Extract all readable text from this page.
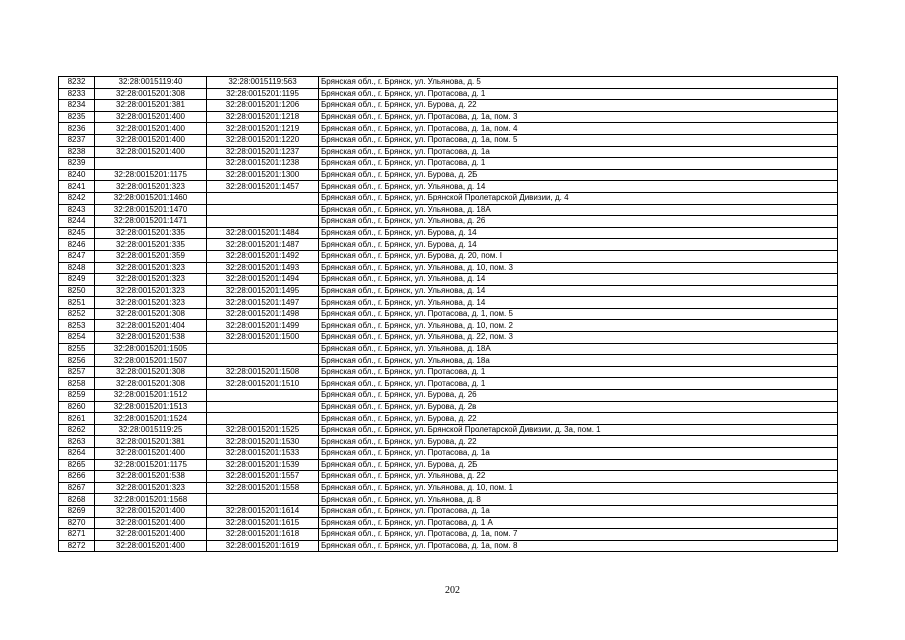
8232	32:28:0015119:40	32:28:0015119:563	Брянская обл., г. Брянск, ул. Ульянова, д. 5
8233	32:28:0015201:308	32:28:0015201:1195	Брянская обл., г. Брянск, ул. Протасова, д. 1
8234	32:28:0015201:381	32:28:0015201:1206	Брянская обл., г. Брянск, ул. Бурова, д. 22
8235	32:28:0015201:400	32:28:0015201:1218	Брянская обл., г. Брянск, ул. Протасова, д. 1а, пом. 3
8236	32:28:0015201:400	32:28:0015201:1219	Брянская обл., г. Брянск, ул. Протасова, д. 1а, пом. 4
8237	32:28:0015201:400	32:28:0015201:1220	Брянская обл., г. Брянск, ул. Протасова, д. 1а, пом. 5
8238	32:28:0015201:400	32:28:0015201:1237	Брянская обл., г. Брянск, ул. Протасова, д. 1а
8239		32:28:0015201:1238	Брянская обл., г. Брянск, ул. Протасова, д. 1
8240	32:28:0015201:1175	32:28:0015201:1300	Брянская обл., г. Брянск, ул. Бурова, д. 2Б
8241	32:28:0015201:323	32:28:0015201:1457	Брянская обл., г. Брянск, ул. Ульянова, д. 14
8242	32:28:0015201:1460		Брянская обл., г. Брянск, ул. Брянской Пролетарской Дивизии, д. 4
8243	32:28:0015201:1470		Брянская обл., г. Брянск, ул. Ульянова, д. 18А
8244	32:28:0015201:1471		Брянская обл., г. Брянск, ул. Ульянова, д. 26
8245	32:28:0015201:335	32:28:0015201:1484	Брянская обл., г. Брянск, ул. Бурова, д. 14
8246	32:28:0015201:335	32:28:0015201:1487	Брянская обл., г. Брянск, ул. Бурова, д. 14
8247	32:28:0015201:359	32:28:0015201:1492	Брянская обл., г. Брянск, ул. Бурова, д. 20, пом. I
8248	32:28:0015201:323	32:28:0015201:1493	Брянская обл., г. Брянск, ул. Ульянова, д. 10, пом. 3
8249	32:28:0015201:323	32:28:0015201:1494	Брянская обл., г. Брянск, ул. Ульянова, д. 14
8250	32:28:0015201:323	32:28:0015201:1495	Брянская обл., г. Брянск, ул. Ульянова, д. 14
8251	32:28:0015201:323	32:28:0015201:1497	Брянская обл., г. Брянск, ул. Ульянова, д. 14
8252	32:28:0015201:308	32:28:0015201:1498	Брянская обл., г. Брянск, ул. Протасова, д. 1, пом. 5
8253	32:28:0015201:404	32:28:0015201:1499	Брянская обл., г. Брянск, ул. Ульянова, д. 10, пом. 2
8254	32:28:0015201:538	32:28:0015201:1500	Брянская обл., г. Брянск, ул. Ульянова, д. 22, пом. 3
8255	32:28:0015201:1505		Брянская обл., г. Брянск, ул. Ульянова, д. 18А
8256	32:28:0015201:1507		Брянская обл., г. Брянск, ул. Ульянова, д. 18а
8257	32:28:0015201:308	32:28:0015201:1508	Брянская обл., г. Брянск, ул. Протасова, д. 1
8258	32:28:0015201:308	32:28:0015201:1510	Брянская обл., г. Брянск, ул. Протасова, д. 1
8259	32:28:0015201:1512		Брянская обл., г. Брянск, ул. Бурова, д. 26
8260	32:28:0015201:1513		Брянская обл., г. Брянск, ул. Бурова, д. 2в
8261	32:28:0015201:1524		Брянская обл., г. Брянск, ул. Бурова, д. 22
8262	32:28:0015119:25	32:28:0015201:1525	Брянская обл., г. Брянск, ул. Брянской Пролетарской Дивизии, д. 3а, пом. 1
8263	32:28:0015201:381	32:28:0015201:1530	Брянская обл., г. Брянск, ул. Бурова, д. 22
8264	32:28:0015201:400	32:28:0015201:1533	Брянская обл., г. Брянск, ул. Протасова, д. 1а
8265	32:28:0015201:1175	32:28:0015201:1539	Брянская обл., г. Брянск, ул. Бурова, д. 2Б
8266	32:28:0015201:538	32:28:0015201:1557	Брянская обл., г. Брянск, ул. Ульянова, д. 22
8267	32:28:0015201:323	32:28:0015201:1558	Брянская обл., г. Брянск, ул. Ульянова, д. 10, пом. 1
8268	32:28:0015201:1568		Брянская обл., г. Брянск, ул. Ульянова, д. 8
8269	32:28:0015201:400	32:28:0015201:1614	Брянская обл., г. Брянск, ул. Протасова, д. 1а
8270	32:28:0015201:400	32:28:0015201:1615	Брянская обл., г. Брянск, ул. Протасова, д. 1 А
8271	32:28:0015201:400	32:28:0015201:1618	Брянская обл., г. Брянск, ул. Протасова, д. 1а, пом. 7
8272	32:28:0015201:400	32:28:0015201:1619	Брянская обл., г. Брянск, ул. Протасова, д. 1а, пом. 8
202
